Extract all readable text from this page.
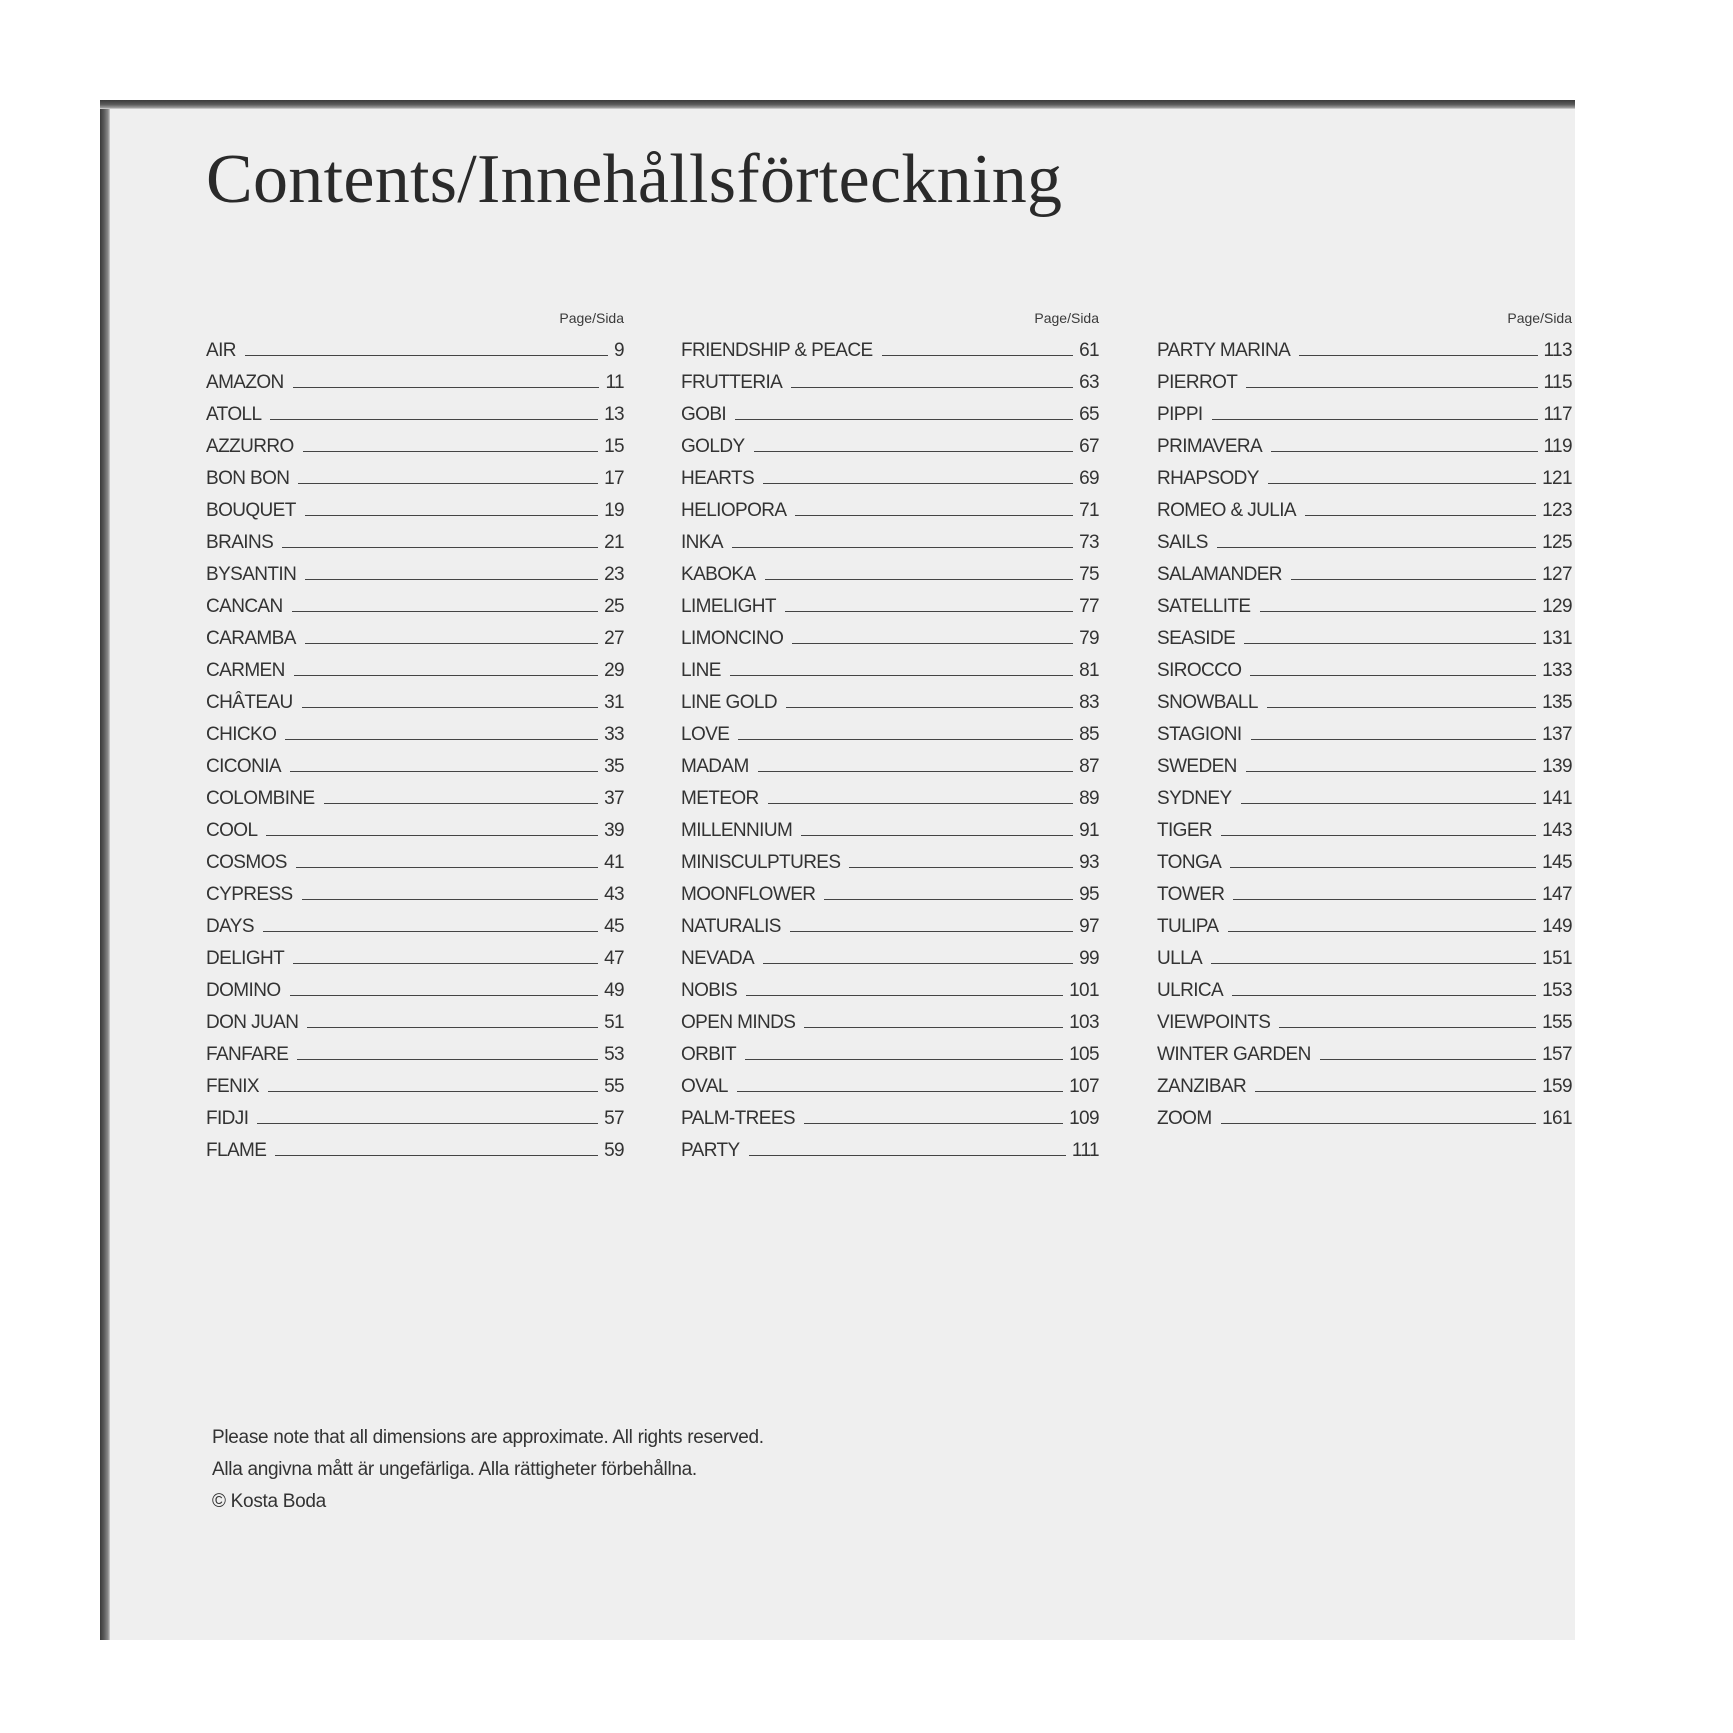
Contents/Innehållsförteckning
Page/Sida
AIR	9
AMAZON	11
ATOLL	13
AZZURRO	15
BON BON	17
BOUQUET	19
BRAINS	21
BYSANTIN	23
CANCAN	25
CARAMBA	27
CARMEN	29
CHÂTEAU	31
CHICKO	33
CICONIA	35
COLOMBINE	37
COOL	39
COSMOS	41
CYPRESS	43
DAYS	45
DELIGHT	47
DOMINO	49
DON JUAN	51
FANFARE	53
FENIX	55
FIDJI	57
FLAME	59
Page/Sida
FRIENDSHIP & PEACE	61
FRUTTERIA	63
GOBI	65
GOLDY	67
HEARTS	69
HELIOPORA	71
INKA	73
KABOKA	75
LIMELIGHT	77
LIMONCINO	79
LINE	81
LINE GOLD	83
LOVE	85
MADAM	87
METEOR	89
MILLENNIUM	91
MINISCULPTURES	93
MOONFLOWER	95
NATURALIS	97
NEVADA	99
NOBIS	101
OPEN MINDS	103
ORBIT	105
OVAL	107
PALM-TREES	109
PARTY	111
Page/Sida
PARTY MARINA	113
PIERROT	115
PIPPI	117
PRIMAVERA	119
RHAPSODY	121
ROMEO & JULIA	123
SAILS	125
SALAMANDER	127
SATELLITE	129
SEASIDE	131
SIROCCO	133
SNOWBALL	135
STAGIONI	137
SWEDEN	139
SYDNEY	141
TIGER	143
TONGA	145
TOWER	147
TULIPA	149
ULLA	151
ULRICA	153
VIEWPOINTS	155
WINTER GARDEN	157
ZANZIBAR	159
ZOOM	161
Please note that all dimensions are approximate. All rights reserved.
Alla angivna mått är ungefärliga. Alla rättigheter förbehållna.
© Kosta Boda
